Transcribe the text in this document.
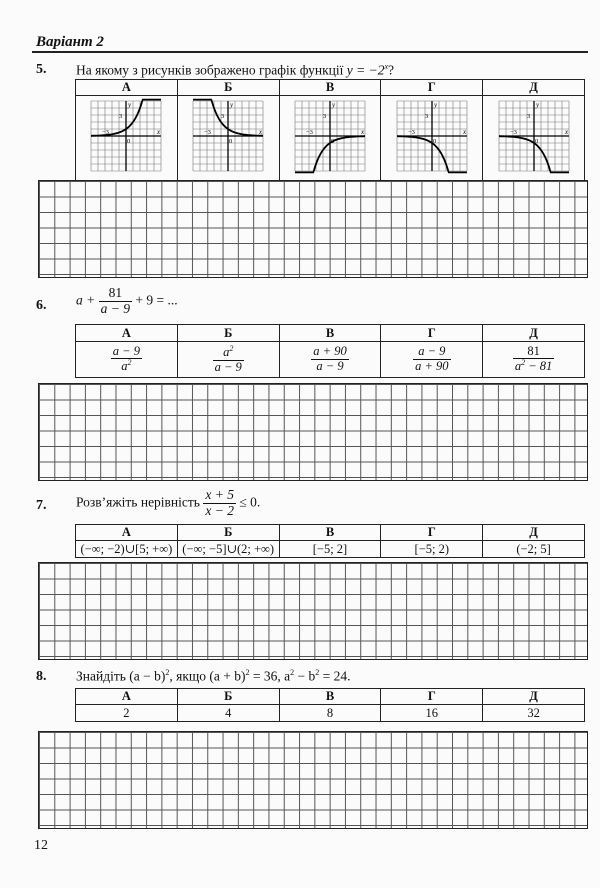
Варіант 2
5. На якому з рисунків зображено графік функції $y = -2^x$?
А	Б	В	Г	Д

x
y
−3
3
0	x
y
−3
3
0	x
y
−3
3
0	x
y
−3
3
0	x
y
−3
3
0
6. $a + \frac{81}{a - 9} + 9$ = ...
А	Б	В	Г	Д

$\frac{a - 9}{a^2}$	$\frac{a^2}{a - 9}$	$\frac{a + 90}{a - 9}$	$\frac{a - 9}{a + 90}$	$\frac{81}{a^2 - 81}$
7. Розв’яжіть нерівність $\frac{x + 5}{x - 2} \le 0$.
А	Б	В	Г	Д
(−∞; −2)∪[5; +∞)	(−∞; −5]∪(2; +∞)	[−5; 2]	[−5; 2)	(−2; 5]
8. Знайдіть $(a - b)^2$, якщо $(a + b)^2 = 36$, $a^2 - b^2 = 24$.
А	Б	В	Г	Д
2	4	8	16	32
12
